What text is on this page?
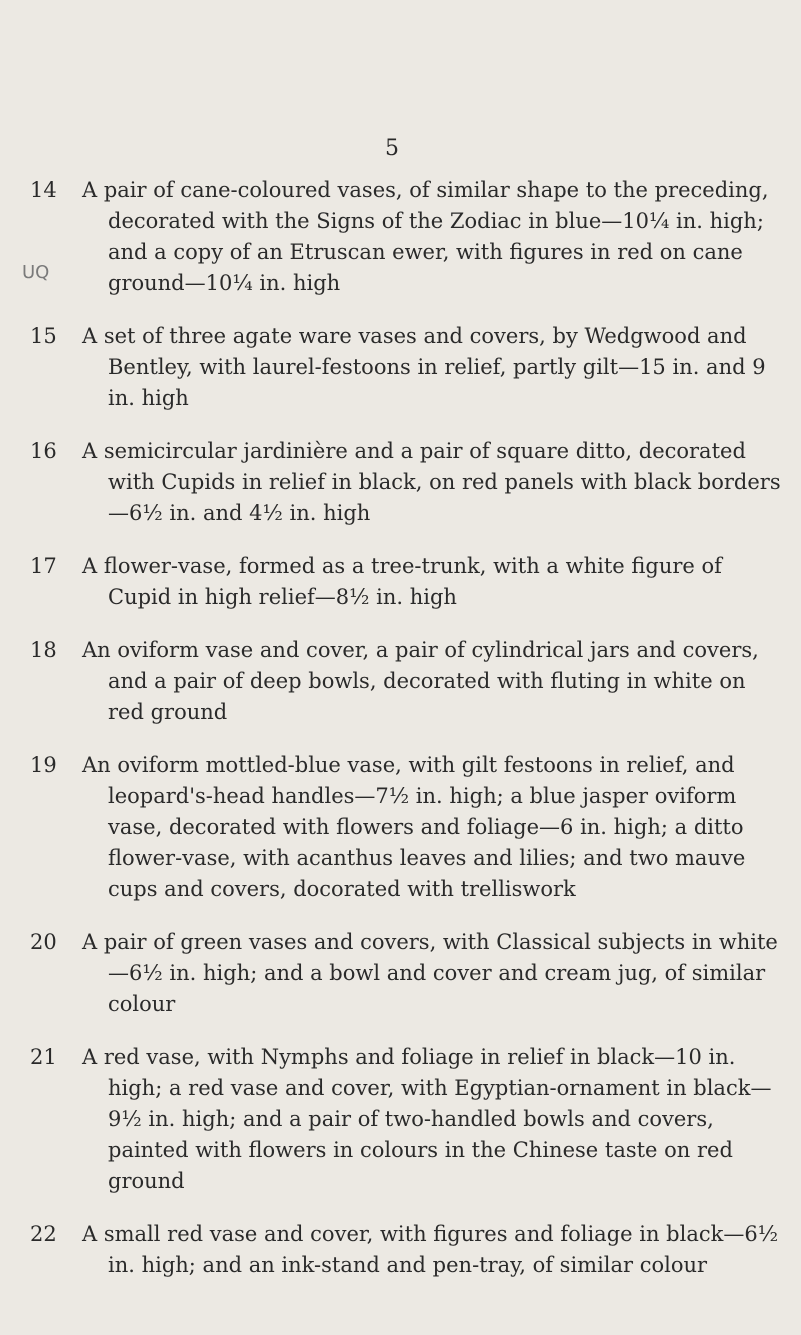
5
UQ
14	A pair of cane-coloured vases, of similar shape to the preceding, decorated with the Signs of the Zodiac in blue—10¼ in. high; and a copy of an Etruscan ewer, with figures in red on cane ground—10¼ in. high
15	A set of three agate ware vases and covers, by Wedgwood and Bentley, with laurel-festoons in relief, partly gilt—15 in. and 9 in. high
16	A semicircular jardinière and a pair of square ditto, decorated with Cupids in relief in black, on red panels with black borders—6½ in. and 4½ in. high
17	A flower-vase, formed as a tree-trunk, with a white figure of Cupid in high relief—8½ in. high
18	An oviform vase and cover, a pair of cylindrical jars and covers, and a pair of deep bowls, decorated with fluting in white on red ground
19	An oviform mottled-blue vase, with gilt festoons in relief, and leopard's-head handles—7½ in. high; a blue jasper oviform vase, decorated with flowers and foliage—6 in. high; a ditto flower-vase, with acanthus leaves and lilies; and two mauve cups and covers, docorated with trelliswork
20	A pair of green vases and covers, with Classical subjects in white—6½ in. high; and a bowl and cover and cream jug, of similar colour
21	A red vase, with Nymphs and foliage in relief in black—10 in. high; a red vase and cover, with Egyptian-ornament in black—9½ in. high; and a pair of two-handled bowls and covers, painted with flowers in colours in the Chinese taste on red ground
22	A small red vase and cover, with figures and foliage in black—6½ in. high; and an ink-stand and pen-tray, of similar colour
